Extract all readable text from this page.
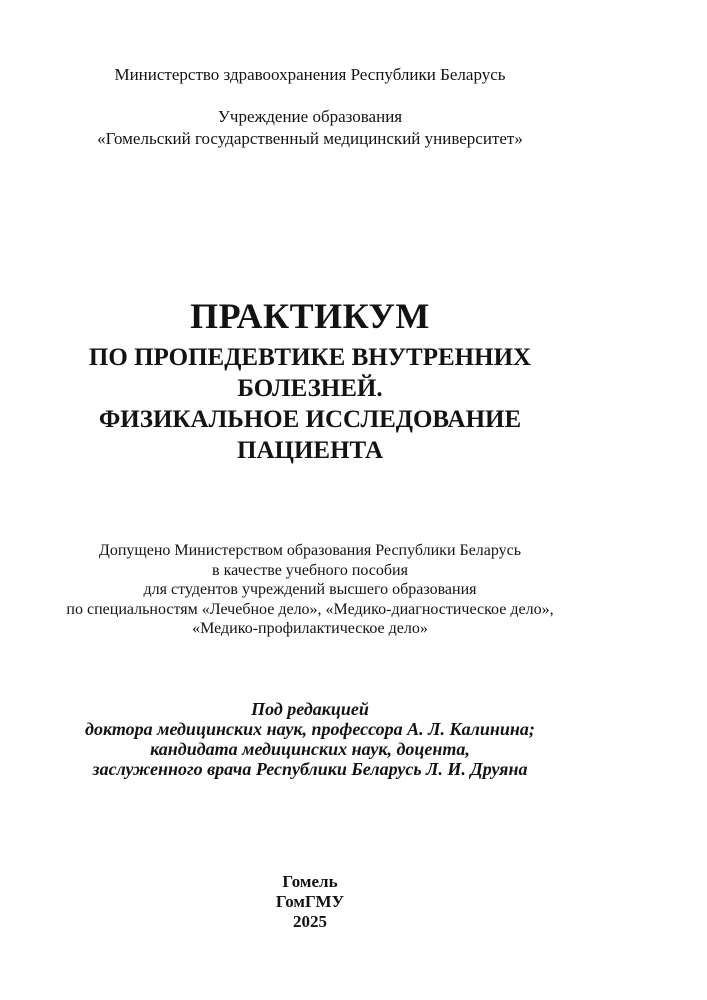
Министерство здравоохранения Республики Беларусь
Учреждение образования
«Гомельский государственный медицинский университет»
ПРАКТИКУМ
ПО ПРОПЕДЕВТИКЕ ВНУТРЕННИХ
БОЛЕЗНЕЙ.
ФИЗИКАЛЬНОЕ ИССЛЕДОВАНИЕ
ПАЦИЕНТА
Допущено Министерством образования Республики Беларусь
в качестве учебного пособия
для студентов учреждений высшего образования
по специальностям «Лечебное дело», «Медико-диагностическое дело»,
«Медико-профилактическое дело»
Под редакцией
доктора медицинских наук, профессора А. Л. Калинина;
кандидата медицинских наук, доцента,
заслуженного врача Республики Беларусь Л. И. Друяна
Гомель
ГомГМУ
2025
